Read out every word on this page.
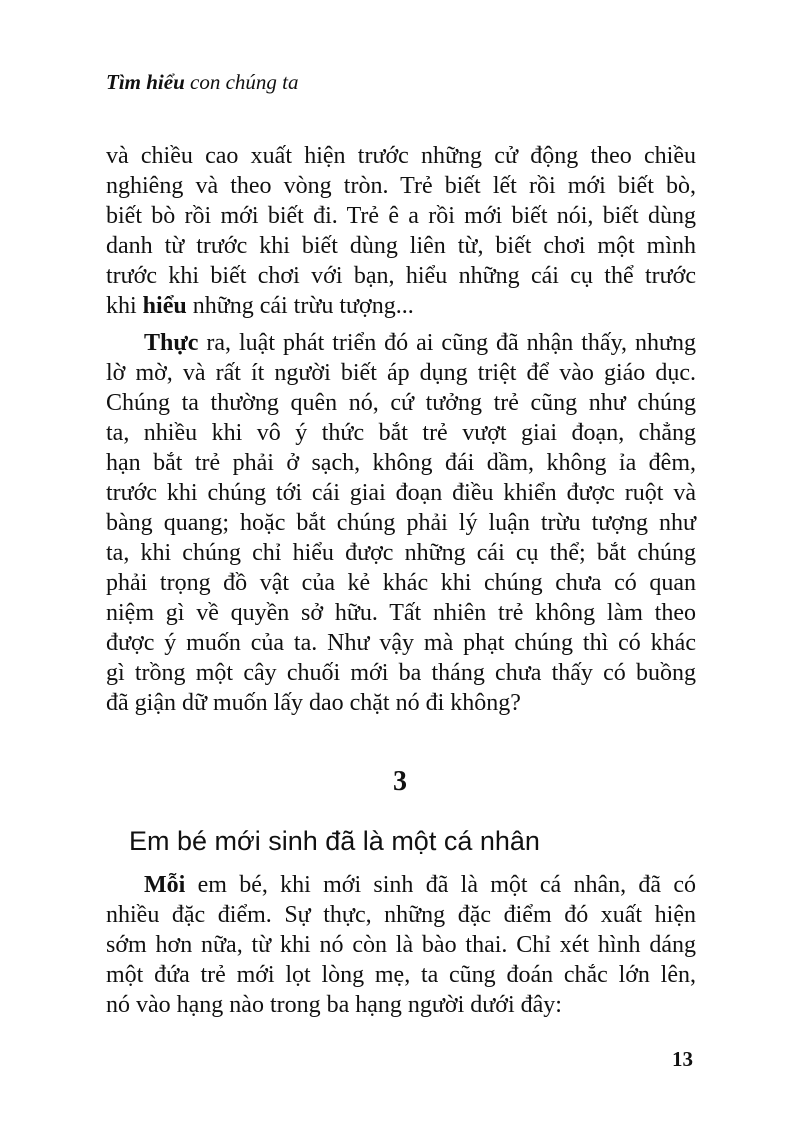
Tìm hiểu con chúng ta
và chiều cao xuất hiện trước những cử động theo chiều
nghiêng và theo vòng tròn. Trẻ biết lết rồi mới biết bò,
biết bò rồi mới biết đi. Trẻ ê a rồi mới biết nói, biết dùng
danh từ trước khi biết dùng liên từ, biết chơi một mình
trước khi biết chơi với bạn, hiểu những cái cụ thể trước
khi hiểu những cái trừu tượng...
Thực ra, luật phát triển đó ai cũng đã nhận thấy, nhưng
lờ mờ, và rất ít người biết áp dụng triệt để vào giáo dục.
Chúng ta thường quên nó, cứ tưởng trẻ cũng như chúng
ta, nhiều khi vô ý thức bắt trẻ vượt giai đoạn, chẳng
hạn bắt trẻ phải ở sạch, không đái dầm, không ỉa đêm,
trước khi chúng tới cái giai đoạn điều khiển được ruột và
bàng quang; hoặc bắt chúng phải lý luận trừu tượng như
ta, khi chúng chỉ hiểu được những cái cụ thể; bắt chúng
phải trọng đồ vật của kẻ khác khi chúng chưa có quan
niệm gì về quyền sở hữu. Tất nhiên trẻ không làm theo
được ý muốn của ta. Như vậy mà phạt chúng thì có khác
gì trồng một cây chuối mới ba tháng chưa thấy có buồng
đã giận dữ muốn lấy dao chặt nó đi không?
3
Em bé mới sinh đã là một cá nhân
Mỗi em bé, khi mới sinh đã là một cá nhân, đã có
nhiều đặc điểm. Sự thực, những đặc điểm đó xuất hiện
sớm hơn nữa, từ khi nó còn là bào thai. Chỉ xét hình dáng
một đứa trẻ mới lọt lòng mẹ, ta cũng đoán chắc lớn lên,
nó vào hạng nào trong ba hạng người dưới đây:
13
